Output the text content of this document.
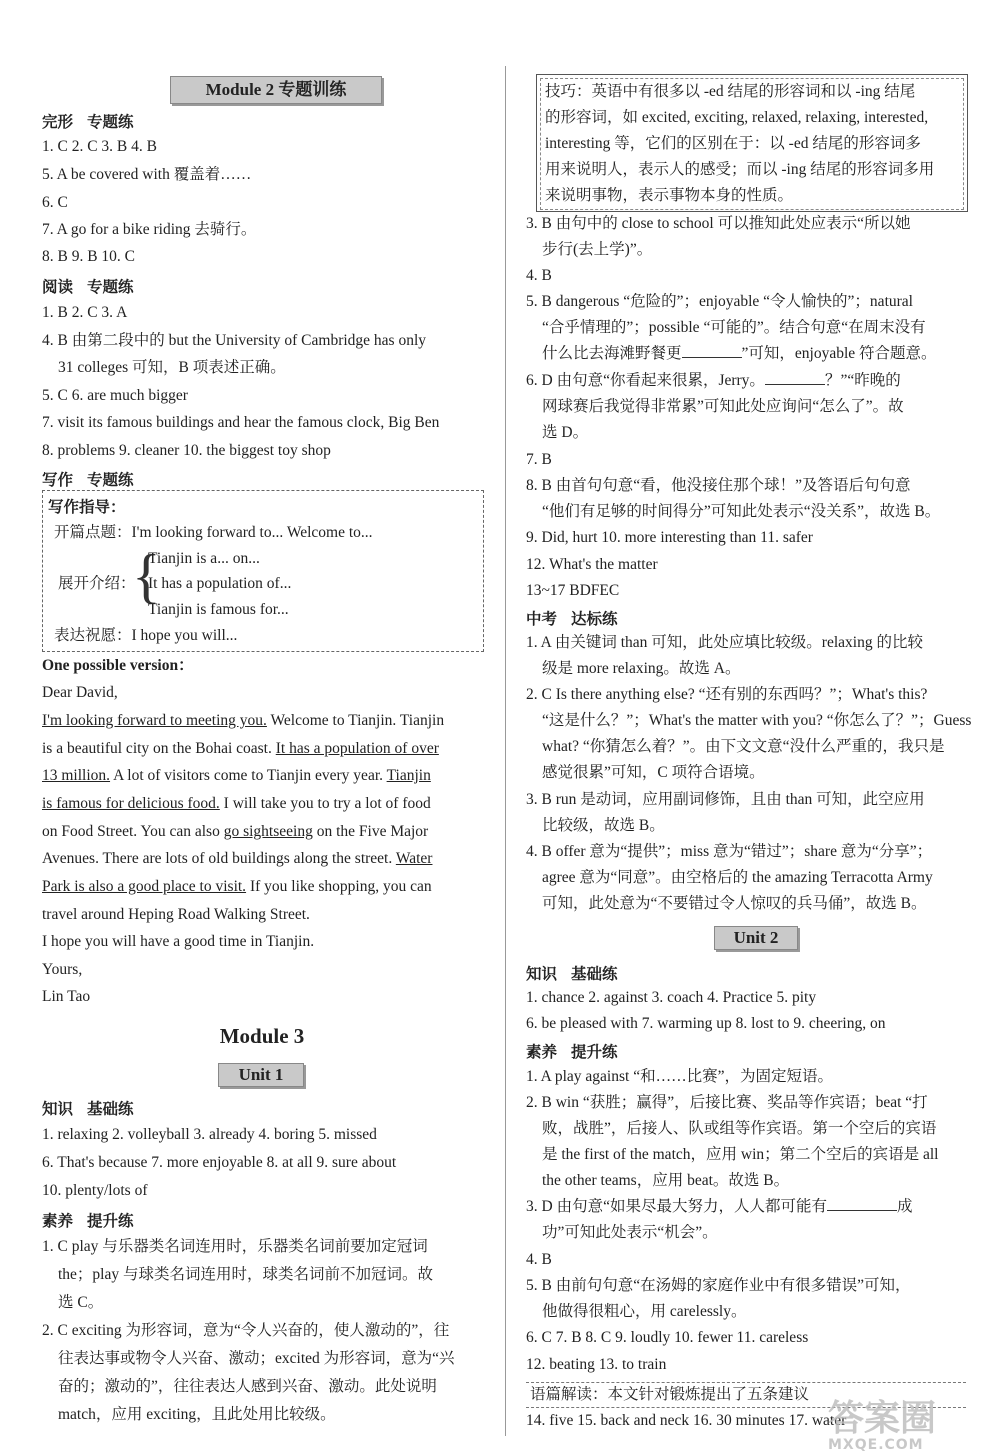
Module 2 专题训练
完形 专题练
1. C 2. C 3. B 4. B
5. A be covered with 覆盖着……
6. C
7. A go for a bike riding 去骑行。
8. B 9. B 10. C
阅读 专题练
1. B 2. C 3. A
4. B 由第二段中的 but the University of Cambridge has only
31 colleges 可知，B 项表述正确。
5. C 6. are much bigger
7. visit its famous buildings and hear the famous clock, Big Ben
8. problems 9. cleaner 10. the biggest toy shop
写作 专题练
写作指导：
开篇点题：I'm looking forward to... Welcome to...
展开介绍：
{
Tianjin is a... on...
It has a population of...
Tianjin is famous for...
表达祝愿：I hope you will...
One possible version：
Dear David,
I'm looking forward to meeting you. Welcome to Tianjin. Tianjin
is a beautiful city on the Bohai coast. It has a population of over
13 million. A lot of visitors come to Tianjin every year. Tianjin
is famous for delicious food. I will take you to try a lot of food
on Food Street. You can also go sightseeing on the Five Major
Avenues. There are lots of old buildings along the street. Water
Park is also a good place to visit. If you like shopping, you can
travel around Heping Road Walking Street.
I hope you will have a good time in Tianjin.
Yours,
Lin Tao
Module 3
Unit 1
知识 基础练
1. relaxing 2. volleyball 3. already 4. boring 5. missed
6. That's because 7. more enjoyable 8. at all 9. sure about
10. plenty/lots of
素养 提升练
1. C play 与乐器类名词连用时，乐器类名词前要加定冠词
the；play 与球类名词连用时，球类名词前不加冠词。故
选 C。
2. C exciting 为形容词，意为“令人兴奋的，使人激动的”，往
往表达事或物令人兴奋、激动；excited 为形容词，意为“兴
奋的；激动的”，往往表达人感到兴奋、激动。此处说明
match，应用 exciting，且此处用比较级。
技巧：英语中有很多以 -ed 结尾的形容词和以 -ing 结尾
的形容词，如 excited, exciting, relaxed, relaxing, interested,
interesting 等，它们的区别在于：以 -ed 结尾的形容词多
用来说明人，表示人的感受；而以 -ing 结尾的形容词多用
来说明事物，表示事物本身的性质。
3. B 由句中的 close to school 可以推知此处应表示“所以她
步行(去上学)”。
4. B
5. B dangerous “危险的”；enjoyable “令人愉快的”；natural
“合乎情理的”；possible “可能的”。结合句意“在周末没有
什么比去海滩野餐更	”可知，enjoyable 符合题意。
6. D 由句意“你看起来很累，Jerry。	？”“昨晚的
网球赛后我觉得非常累”可知此处应询问“怎么了”。故
选 D。
7. B
8. B 由首句句意“看，他没接住那个球！”及答语后句句意
“他们有足够的时间得分”可知此处表示“没关系”，故选 B。
9. Did, hurt 10. more interesting than 11. safer
12. What's the matter
13~17 BDFEC
中考 达标练
1. A 由关键词 than 可知，此处应填比较级。relaxing 的比较
级是 more relaxing。故选 A。
2. C Is there anything else? “还有别的东西吗？”；What's this?
“这是什么？”；What's the matter with you? “你怎么了？”；Guess
what? “你猜怎么着？”。由下文文意“没什么严重的，我只是
感觉很累”可知，C 项符合语境。
3. B run 是动词，应用副词修饰，且由 than 可知，此空应用
比较级，故选 B。
4. B offer 意为“提供”；miss 意为“错过”；share 意为“分享”；
agree 意为“同意”。由空格后的 the amazing Terracotta Army
可知，此处意为“不要错过令人惊叹的兵马俑”，故选 B。
Unit 2
知识 基础练
1. chance 2. against 3. coach 4. Practice 5. pity
6. be pleased with 7. warming up 8. lost to 9. cheering, on
素养 提升练
1. A play against “和……比赛”，为固定短语。
2. B win “获胜；赢得”，后接比赛、奖品等作宾语；beat “打
败，战胜”，后接人、队或组等作宾语。第一个空后的宾语
是 the first of the match，应用 win；第二个空后的宾语是 all
the other teams，应用 beat。故选 B。
3. D 由句意“如果尽最大努力，人人都可能有	成
功”可知此处表示“机会”。
4. B
5. B 由前句句意“在汤姆的家庭作业中有很多错误”可知，
他做得很粗心，用 carelessly。
6. C 7. B 8. C 9. loudly 10. fewer 11. careless
12. beating 13. to train
14. five 15. back and neck 16. 30 minutes 17. water
语篇解读：本文针对锻炼提出了五条建议
答案圈
MXQE.COM
